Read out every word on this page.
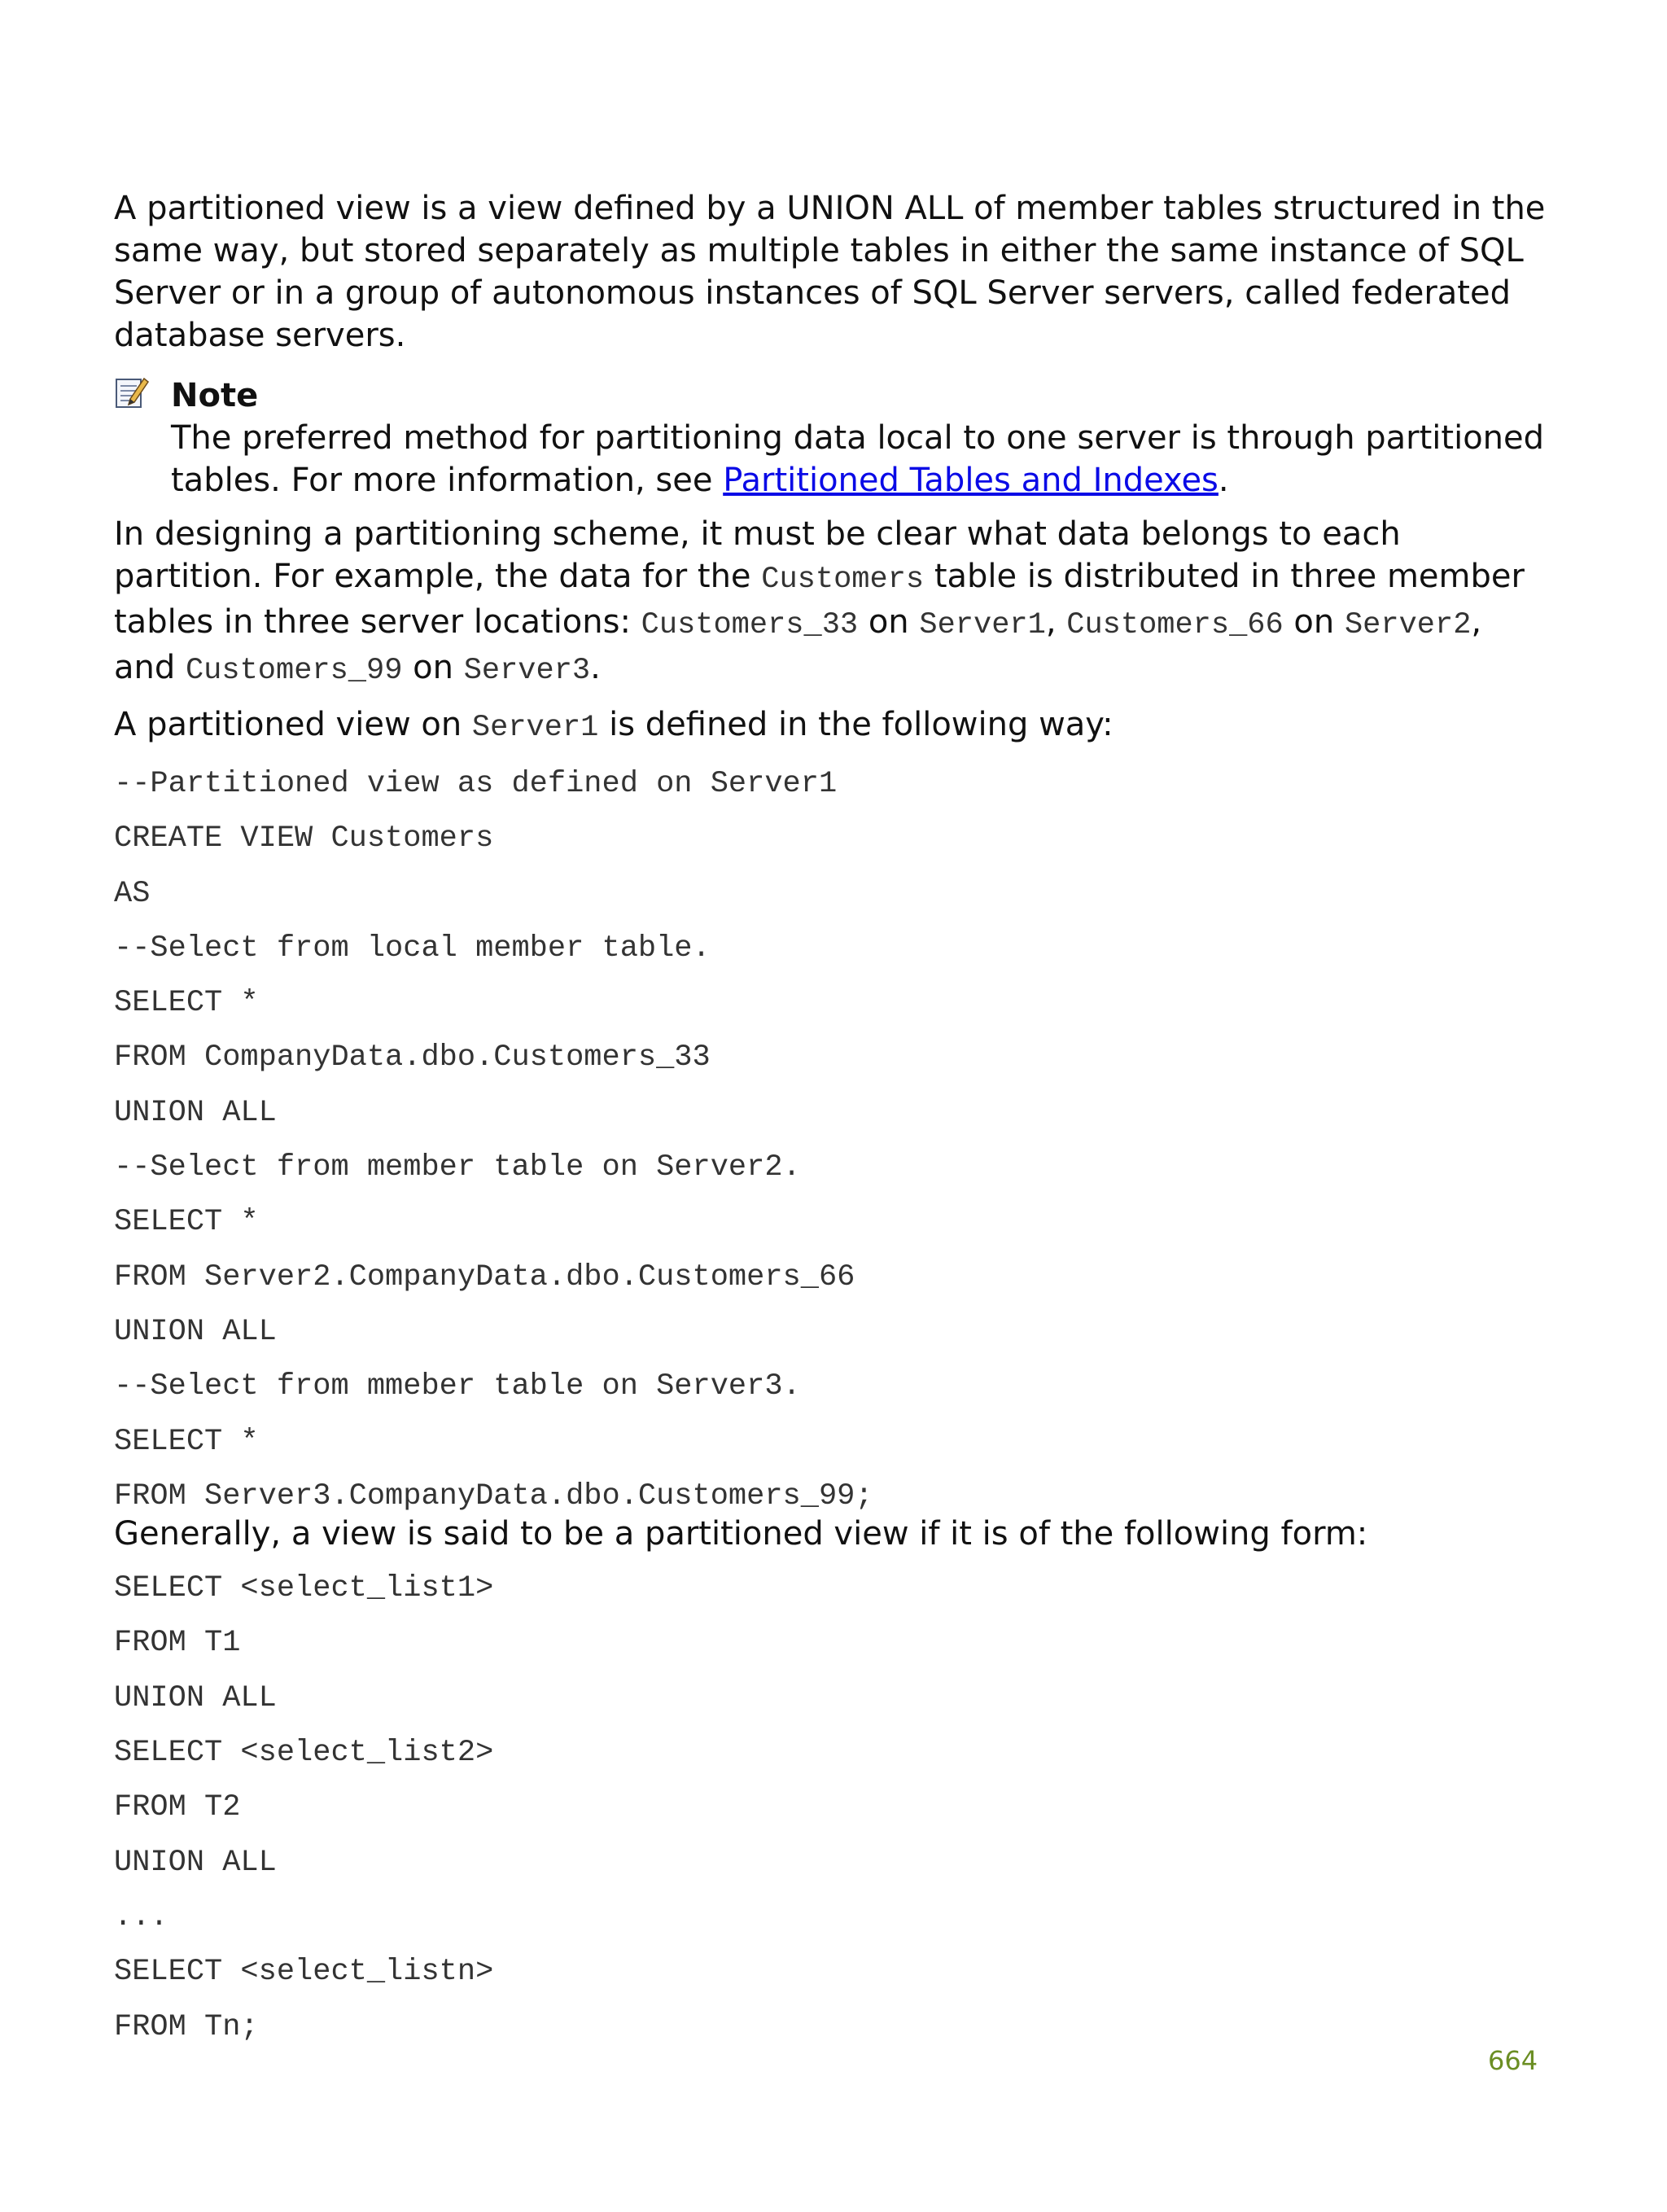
A partitioned view is a view defined by a UNION ALL of member tables structured in the same way, but stored separately as multiple tables in either the same instance of SQL Server or in a group of autonomous instances of SQL Server servers, called federated database servers.

Note

The preferred method for partitioning data local to one server is through partitioned tables. For more information, see Partitioned Tables and Indexes.

In designing a partitioning scheme, it must be clear what data belongs to each partition. For example, the data for the Customers table is distributed in three member tables in three server locations: Customers_33 on Server1, Customers_66 on Server2, and Customers_99 on Server3.

A partitioned view on Server1 is defined in the following way:

--Partitioned view as defined on Server1

CREATE VIEW Customers

AS

--Select from local member table.

SELECT *

FROM CompanyData.dbo.Customers_33

UNION ALL

--Select from member table on Server2.

SELECT *

FROM Server2.CompanyData.dbo.Customers_66

UNION ALL

--Select from mmeber table on Server3.

SELECT *

FROM Server3.CompanyData.dbo.Customers_99;

Generally, a view is said to be a partitioned view if it is of the following form:

SELECT <select_list1>

FROM T1

UNION ALL

SELECT <select_list2>

FROM T2

UNION ALL

...

SELECT <select_listn>

FROM Tn;

664
